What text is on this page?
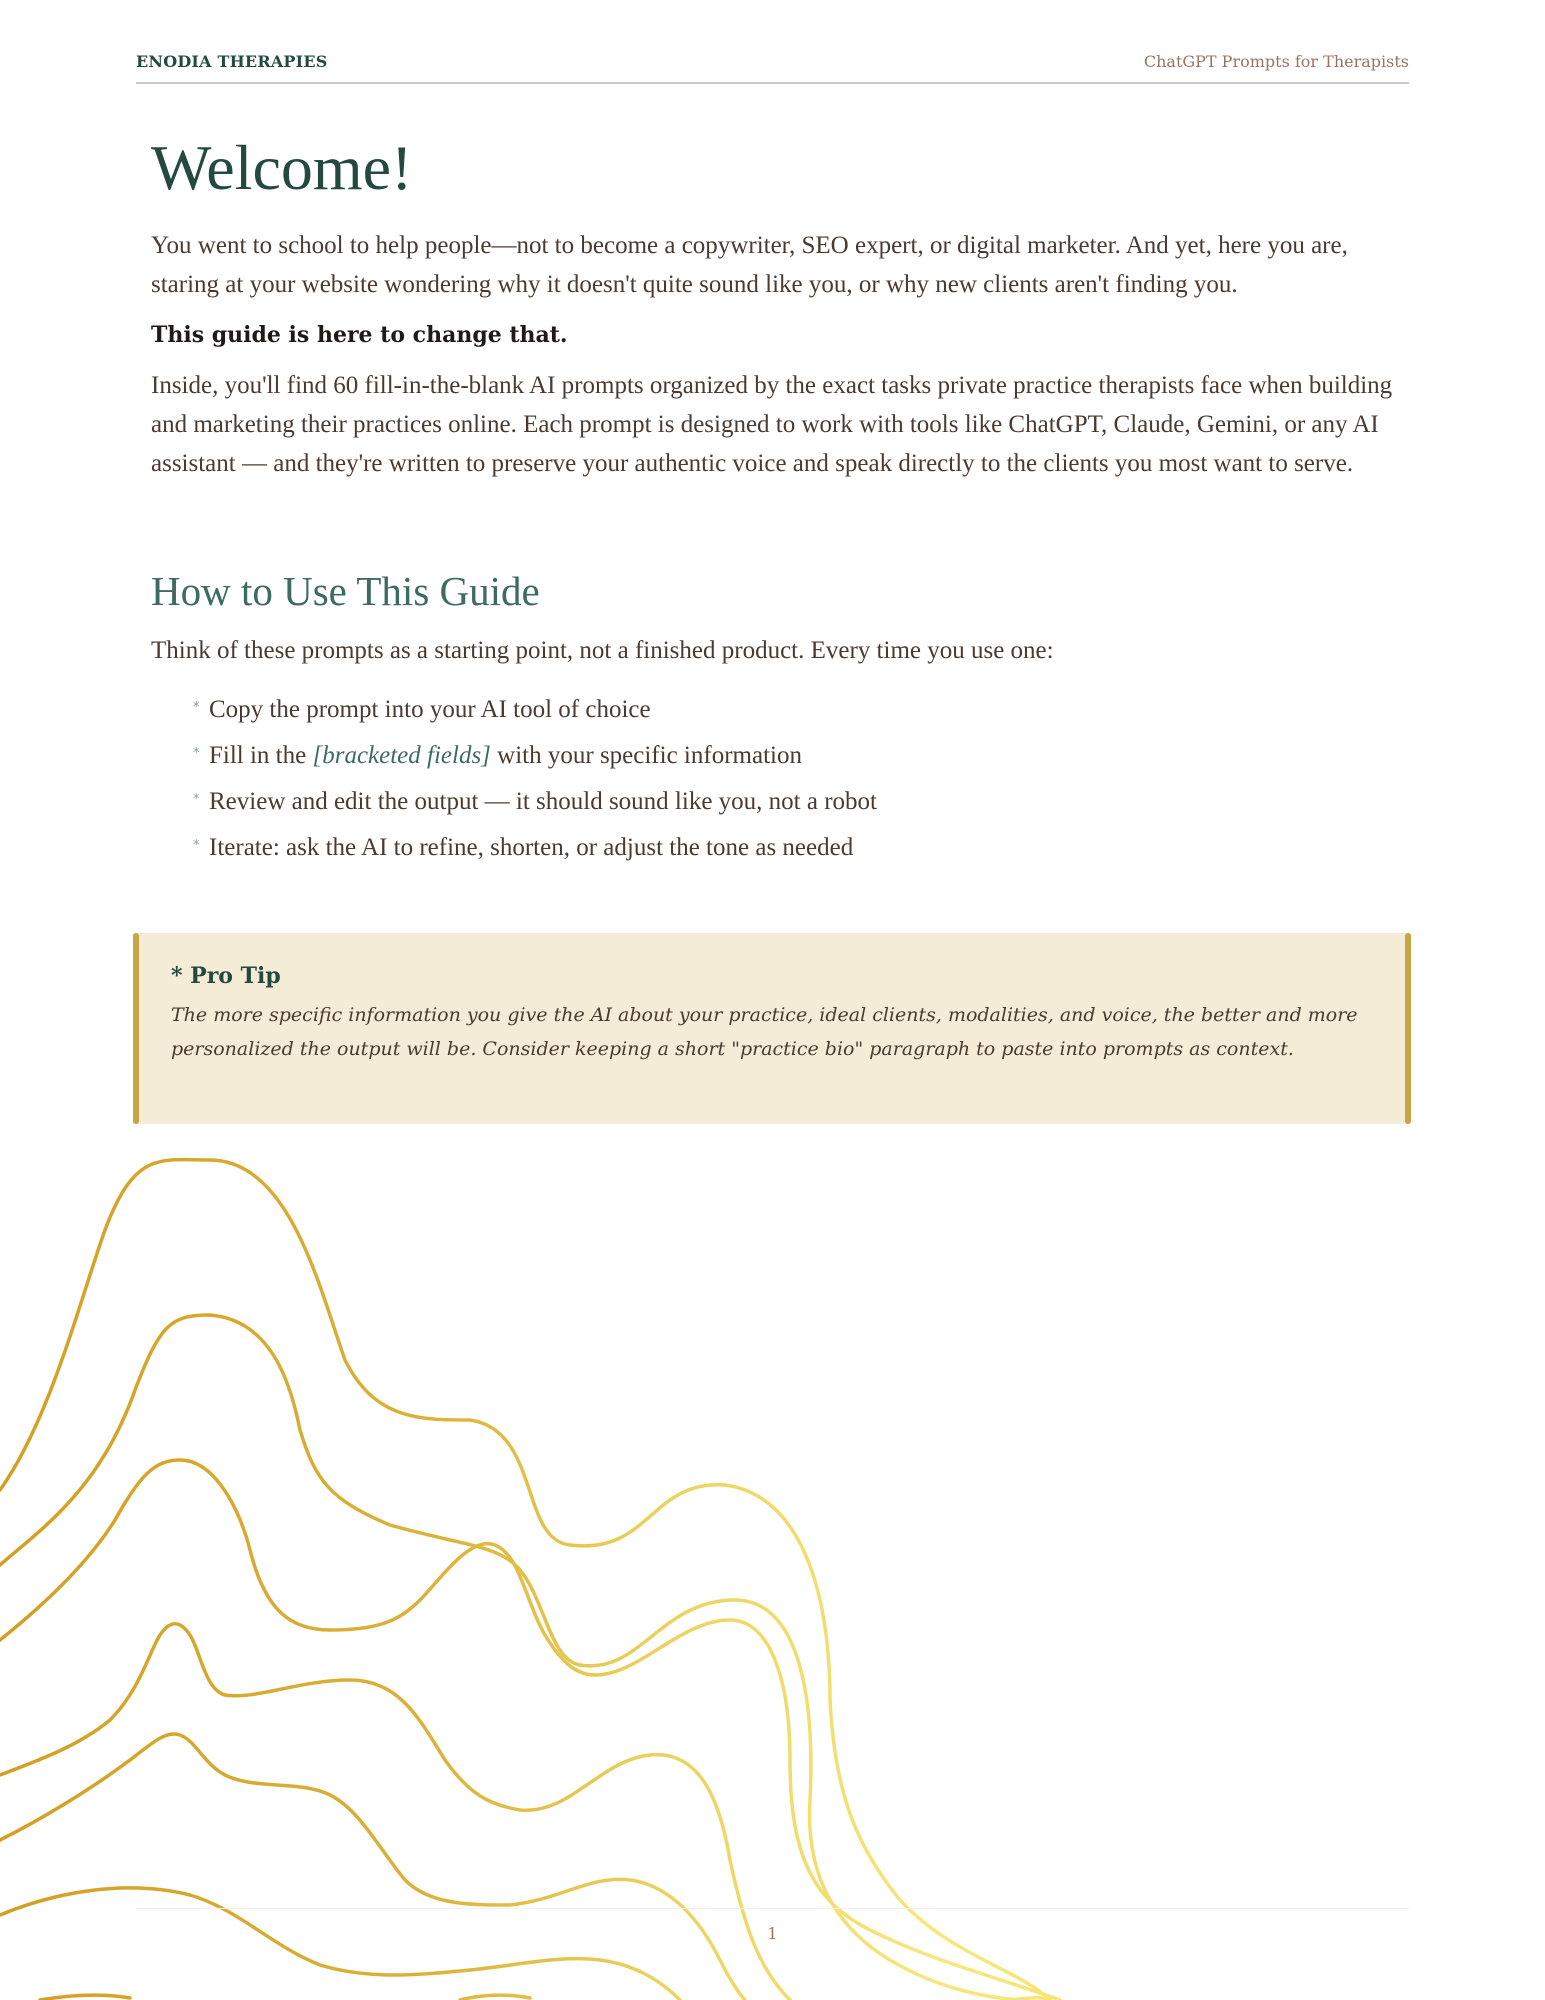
ENODIA THERAPIES	ChatGPT Prompts for Therapists
Welcome!

You went to school to help people—not to become a copywriter, SEO expert, or digital marketer. And yet, here you are, staring at your website wondering why it doesn't quite sound like you, or why new clients aren't finding you.

This guide is here to change that.

Inside, you'll find 60 fill-in-the-blank AI prompts organized by the exact tasks private practice therapists face when building and marketing their practices online. Each prompt is designed to work with tools like ChatGPT, Claude, Gemini, or any AI assistant — and they're written to preserve your authentic voice and speak directly to the clients you most want to serve.

How to Use This Guide

Think of these prompts as a starting point, not a finished product. Every time you use one:

* Copy the prompt into your AI tool of choice
* Fill in the [bracketed fields] with your specific information
* Review and edit the output — it should sound like you, not a robot
* Iterate: ask the AI to refine, shorten, or adjust the tone as needed
* Pro Tip
The more specific information you give the AI about your practice, ideal clients, modalities, and voice, the better and more personalized the output will be. Consider keeping a short "practice bio" paragraph to paste into prompts as context.
1
